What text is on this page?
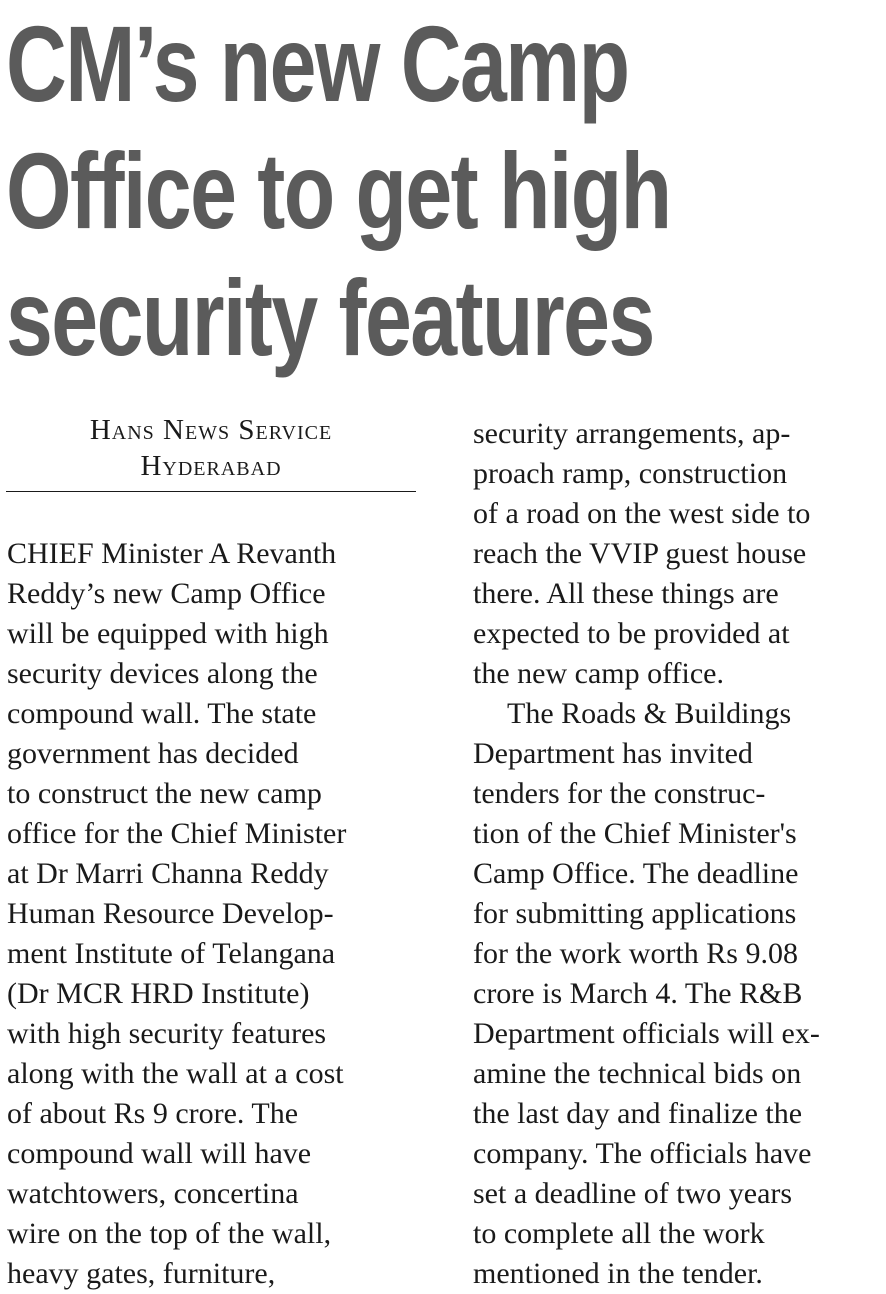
CM’s new Camp
Office to get high
security features
Hans News Service
Hyderabad
CHIEF Minister A Revanth
Reddy’s new Camp Office
will be equipped with high
security devices along the
compound wall. The state
government has decided
to construct the new camp
office for the Chief Minister
at Dr Marri Channa Reddy
Human Resource Develop-
ment Institute of Telangana
(Dr MCR HRD Institute)
with high security features
along with the wall at a cost
of about Rs 9 crore. The
compound wall will have
watchtowers, concertina
wire on the top of the wall,
heavy gates, furniture,
security arrangements, ap-
proach ramp, construction
of a road on the west side to
reach the VVIP guest house
there. All these things are
expected to be provided at
the new camp office.
The Roads & Buildings
Department has invited
tenders for the construc-
tion of the Chief Minister's
Camp Office. The deadline
for submitting applications
for the work worth Rs 9.08
crore is March 4. The R&B
Department officials will ex-
amine the technical bids on
the last day and finalize the
company. The officials have
set a deadline of two years
to complete all the work
mentioned in the tender.
